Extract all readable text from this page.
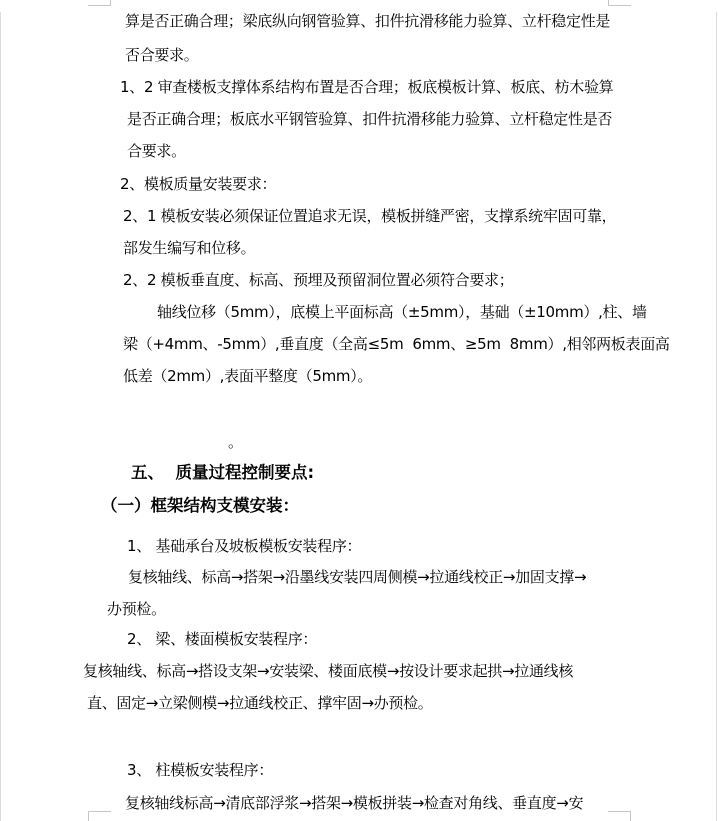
算是否正确合理；梁底纵向钢管验算、扣件抗滑移能力验算、立杆稳定性是
否合要求。
1、2 审查楼板支撑体系结构布置是否合理；板底模板计算、板底、枋木验算
是否正确合理；板底水平钢管验算、扣件抗滑移能力验算、立杆稳定性是否
合要求。
2、模板质量安装要求：
2、1 模板安装必须保证位置追求无误，模板拼缝严密，支撑系统牢固可靠，
部发生编写和位移。
2、2 模板垂直度、标高、预埋及预留洞位置必须符合要求；
轴线位移（5mm），底模上平面标高（±5mm），基础（±10mm）,柱、墙
梁（+4mm、-5mm）,垂直度（全高≤5m  6mm、≥5m  8mm）,相邻两板表面高
低差（2mm）,表面平整度（5mm）。
。
五、  质量过程控制要点:
（一）框架结构支模安装：
1、 基础承台及坡板模板安装程序：
复核轴线、标高→搭架→沿墨线安装四周侧模→拉通线校正→加固支撑→
办预检。
2、 梁、楼面模板安装程序：
复核轴线、标高→搭设支架→安装梁、楼面底模→按设计要求起拱→拉通线核
直、固定→立梁侧模→拉通线校正、撑牢固→办预检。
3、 柱模板安装程序：
复核轴线标高→清底部浮浆→搭架→模板拼装→检查对角线、垂直度→安
